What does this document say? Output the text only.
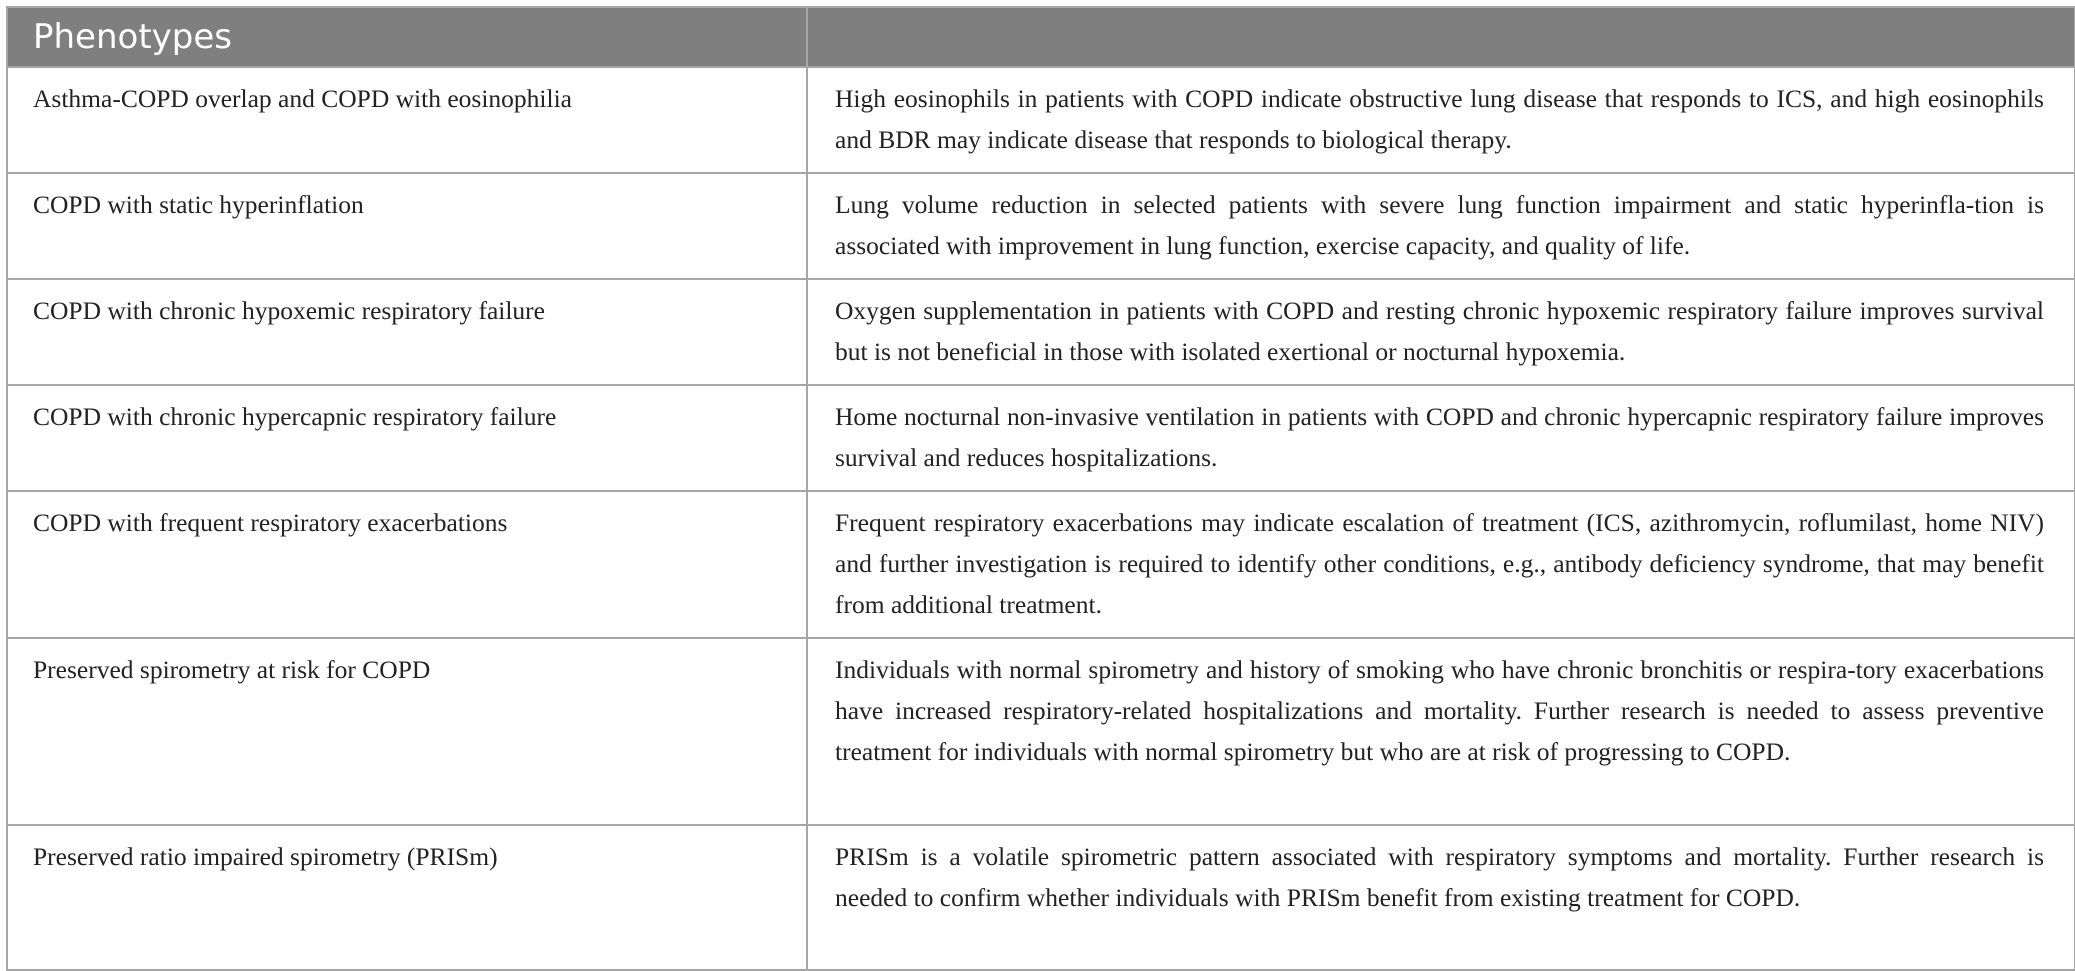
Phenotypes	
Asthma-COPD overlap and COPD with eosinophilia	High eosinophils in patients with COPD indicate obstructive lung disease that responds to ICS, and high eosinophils and BDR may indicate disease that responds to biological therapy.
COPD with static hyperinflation	Lung volume reduction in selected patients with severe lung function impairment and static hyperinfla-tion is associated with improvement in lung function, exercise capacity, and quality of life.
COPD with chronic hypoxemic respiratory failure	Oxygen supplementation in patients with COPD and resting chronic hypoxemic respiratory failure improves survival but is not beneficial in those with isolated exertional or nocturnal hypoxemia.
COPD with chronic hypercapnic respiratory failure	Home nocturnal non-invasive ventilation in patients with COPD and chronic hypercapnic respiratory failure improves survival and reduces hospitalizations.
COPD with frequent respiratory exacerbations	Frequent respiratory exacerbations may indicate escalation of treatment (ICS, azithromycin, roflumilast, home NIV) and further investigation is required to identify other conditions, e.g., antibody deficiency syndrome, that may benefit from additional treatment.
Preserved spirometry at risk for COPD	Individuals with normal spirometry and history of smoking who have chronic bronchitis or respira-tory exacerbations have increased respiratory-related hospitalizations and mortality. Further research is needed to assess preventive treatment for individuals with normal spirometry but who are at risk of progressing to COPD.
Preserved ratio impaired spirometry (PRISm)	PRISm is a volatile spirometric pattern associated with respiratory symptoms and mortality. Further research is needed to confirm whether individuals with PRISm benefit from existing treatment for COPD.
